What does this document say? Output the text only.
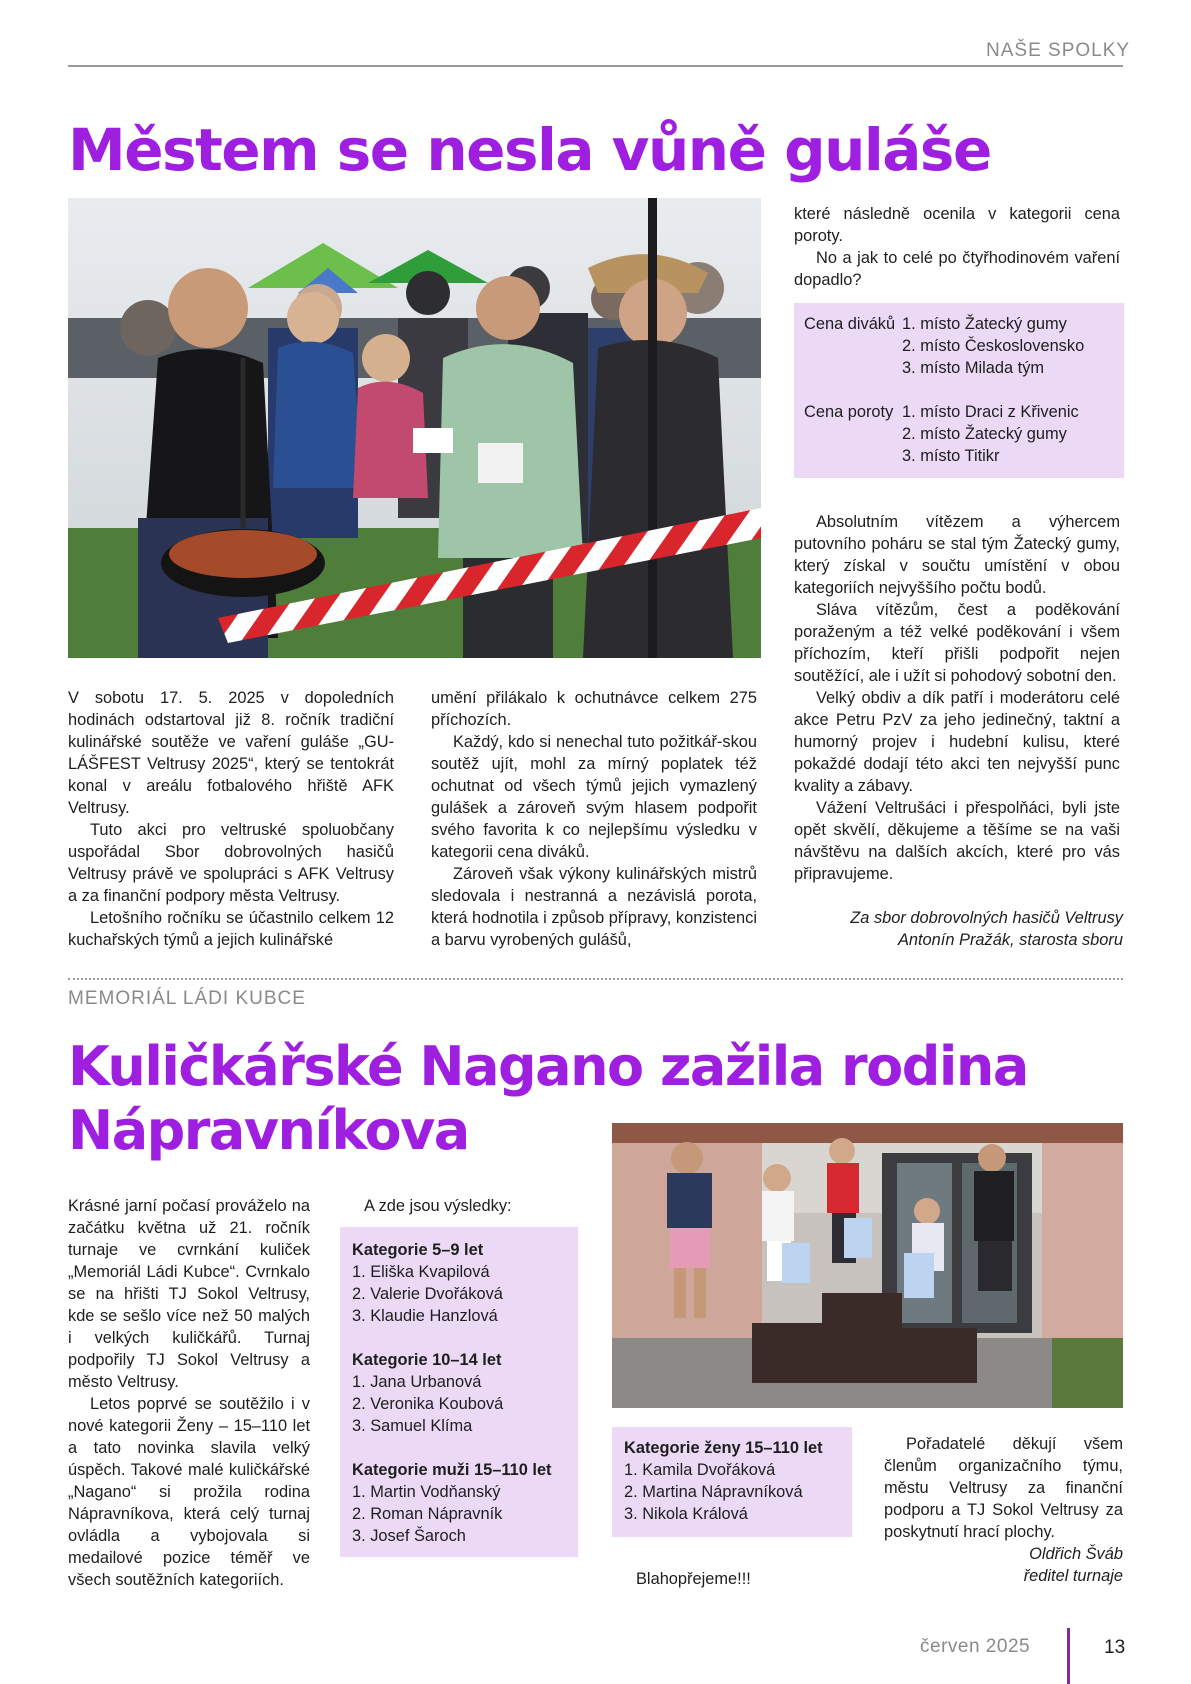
NAŠE SPOLKY
Městem se nesla vůně guláše

V sobotu 17. 5. 2025 v dopoledních hodinách odstartoval již 8. ročník tradiční kulinářské soutěže ve vaření guláše „GU-LÁŠFEST Veltrusy 2025“, který se tentokrát konal v areálu fotbalového hřiště AFK Veltrusy.

Tuto akci pro veltruské spoluobčany uspořádal Sbor dobrovolných hasičů Veltrusy právě ve spolupráci s AFK Veltrusy a za finanční podpory města Veltrusy.

Letošního ročníku se účastnilo celkem 12 kuchařských týmů a jejich kulinářské

umění přilákalo k ochutnávce celkem 275 příchozích.

Každý, kdo si nenechal tuto požitkář-skou soutěž ujít, mohl za mírný poplatek též ochutnat od všech týmů jejich vymazlený gulášek a zároveň svým hlasem podpořit svého favorita k co nejlepšímu výsledku v kategorii cena diváků.

Zároveň však výkony kulinářských mistrů sledovala i nestranná a nezávislá porota, která hodnotila i způsob přípravy, konzistenci a barvu vyrobených gulášů,

které následně ocenila v kategorii cena poroty.

No a jak to celé po čtyřhodinovém vaření dopadlo?

Cena diváků 1. místo Žatecký gumy
2. místo Československo
3. místo Milada tým
Cena poroty 1. místo Draci z Křivenic
2. místo Žatecký gumy
3. místo Titikr

Absolutním vítězem a výhercem putovního poháru se stal tým Žatecký gumy, který získal v součtu umístění v obou kategoriích nejvyššího počtu bodů.

Sláva vítězům, čest a poděkování poraženým a též velké poděkování i všem příchozím, kteří přišli podpořit nejen soutěžící, ale i užít si pohodový sobotní den.

Velký obdiv a dík patří i moderátoru celé akce Petru PzV za jeho jedinečný, taktní a humorný projev i hudební kulisu, které pokaždé dodají této akci ten nejvyšší punc kvality a zábavy.

Vážení Veltrušáci i přespolňáci, byli jste opět skvělí, děkujeme a těšíme se na vaši návštěvu na dalších akcích, které pro vás připravujeme.

Za sbor dobrovolných hasičů Veltrusy
Antonín Pražák, starosta sboru
MEMORIÁL LÁDI KUBCE
Kuličkářské Nagano zažila rodina
Nápravníkova

Krásné jarní počasí prováželo na začátku května už 21. ročník turnaje ve cvrnkání kuliček „Memoriál Ládi Kubce“. Cvrnkalo se na hřišti TJ Sokol Veltrusy, kde se sešlo více než 50 malých i velkých kuličkářů. Turnaj podpořily TJ Sokol Veltrusy a město Veltrusy.

Letos poprvé se soutěžilo i v nové kategorii Ženy – 15–110 let a tato novinka slavila velký úspěch. Takové malé kuličkářské „Nagano“ si prožila rodina Nápravníkova, která celý turnaj ovládla a vybojovala si medailové pozice téměř ve všech soutěžních kategoriích.

A zde jsou výsledky:
Kategorie 5–9 let
1. Eliška Kvapilová
2. Valerie Dvořáková
3. Klaudie Hanzlová
Kategorie 10–14 let
1. Jana Urbanová
2. Veronika Koubová
3. Samuel Klíma
Kategorie muži 15–110 let
1. Martin Vodňanský
2. Roman Nápravník
3. Josef Šaroch
Kategorie ženy 15–110 let
1. Kamila Dvořáková
2. Martina Nápravníková
3. Nikola Králová
Blahopřejeme!!!

Pořadatelé děkují všem členům organizačního týmu, městu Veltrusy za finanční podporu a TJ Sokol Veltrusy za poskytnutí hrací plochy.

Oldřich Šváb
ředitel turnaje
červen 2025	13
